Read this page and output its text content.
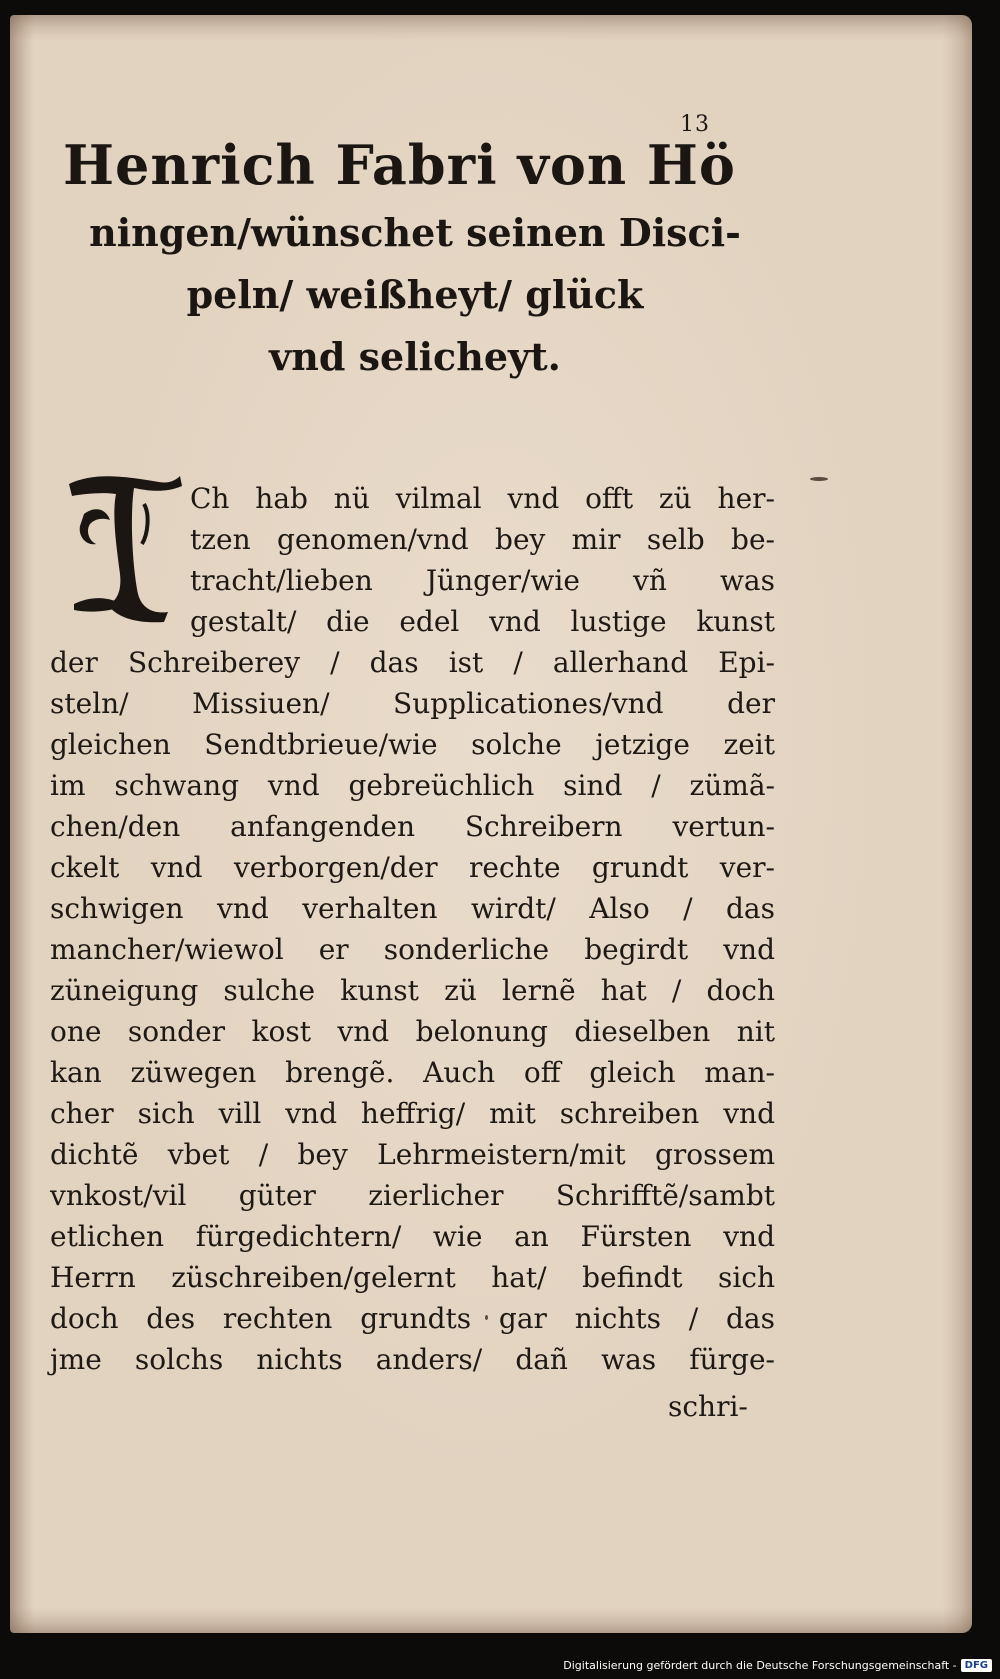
13
Henrich Fabri von Hö
ningen/wünschet seinen Disci-
peln/ weißheyt/ glück
vnd selicheyt.
Ch hab nü vilmal vnd offt zü her-
tzen genomen/vnd bey mir selb be-
tracht/lieben Jünger/wie vñ was
gestalt/ die edel vnd lustige kunst
der Schreiberey / das ist / allerhand Epi-
steln/ Missiuen/ Supplicationes/vnd der
gleichen Sendtbrieue/wie solche jetzige zeit
im schwang vnd gebreüchlich sind / zümã-
chen/den anfangenden Schreibern vertun-
ckelt vnd verborgen/der rechte grundt ver-
schwigen vnd verhalten wirdt/ Also / das
mancher/wiewol er sonderliche begirdt vnd
züneigung sulche kunst zü lernẽ hat / doch
one sonder kost vnd belonung dieselben nit
kan züwegen brengẽ. Auch off gleich man-
cher sich vill vnd heffrig/ mit schreiben vnd
dichtẽ vbet / bey Lehrmeistern/mit grossem
vnkost/vil güter zierlicher Schrifftẽ/sambt
etlichen fürgedichtern/ wie an Fürsten vnd
Herrn züschreiben/gelernt hat/ befindt sich
doch des rechten grundts gar nichts / das
jme solchs nichts anders/ dañ was fürge-
schri-
Digitalisierung gefördert durch die Deutsche Forschungsgemeinschaft - DFG
